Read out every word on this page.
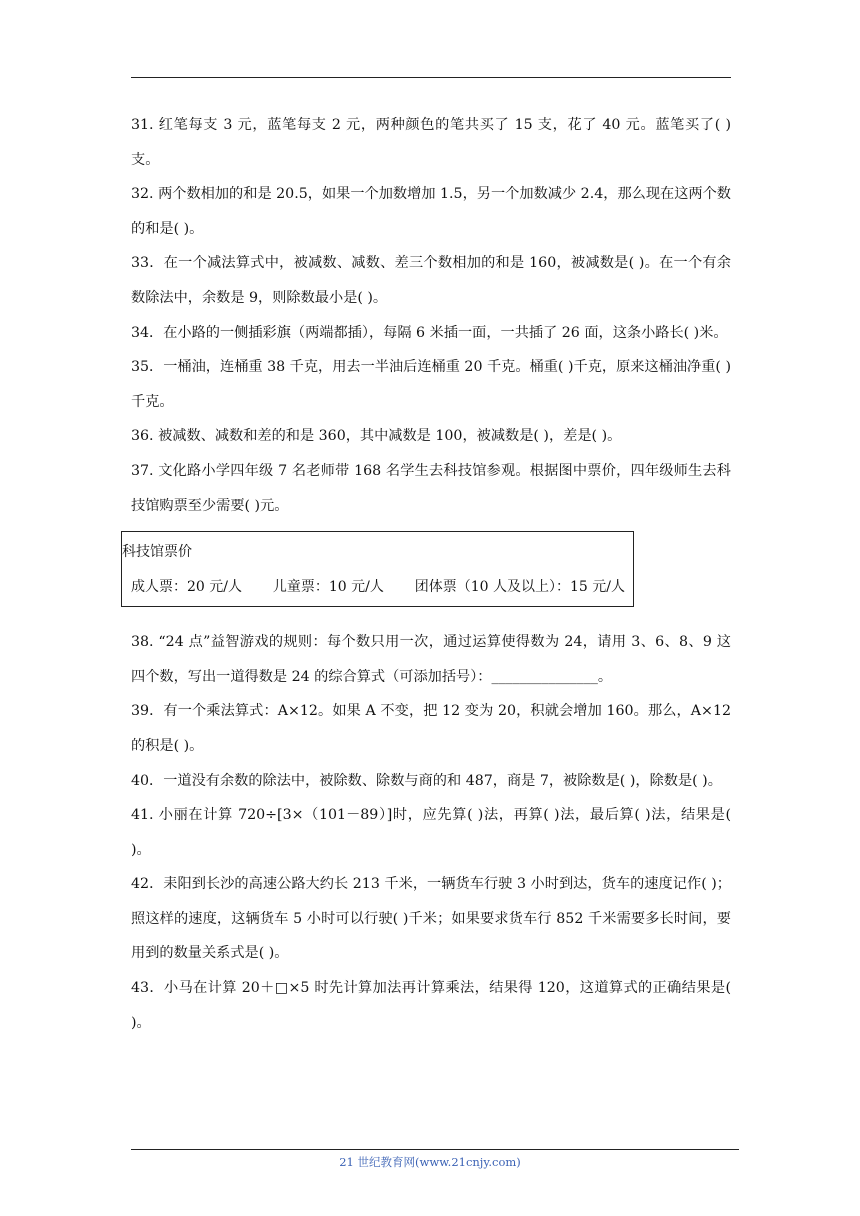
31. 红笔每支 3 元，蓝笔每支 2 元，两种颜色的笔共买了 15 支，花了 40 元。蓝笔买了( )支。

32. 两个数相加的和是 20.5，如果一个加数增加 1.5，另一个加数减少 2.4，那么现在这两个数的和是( )。

33．在一个减法算式中，被减数、减数、差三个数相加的和是 160，被减数是( )。在一个有余数除法中，余数是 9，则除数最小是( )。

34．在小路的一侧插彩旗（两端都插），每隔 6 米插一面，一共插了 26 面，这条小路长( )米。

35．一桶油，连桶重 38 千克，用去一半油后连桶重 20 千克。桶重( )千克，原来这桶油净重( )千克。

36. 被减数、减数和差的和是 360，其中减数是 100，被减数是( )，差是( )。

37. 文化路小学四年级 7 名老师带 168 名学生去科技馆参观。根据图中票价，四年级师生去科技馆购票至少需要( )元。

科技馆票价
成人票：20 元/人 儿童票：10 元/人 团体票（10 人及以上）：15 元/人

38. “24 点”益智游戏的规则：每个数只用一次，通过运算使得数为 24，请用 3、6、8、9 这四个数，写出一道得数是 24 的综合算式（可添加括号）：_______________。

39．有一个乘法算式：A×12。如果 A 不变，把 12 变为 20，积就会增加 160。那么，A×12 的积是( )。

40．一道没有余数的除法中，被除数、除数与商的和 487，商是 7，被除数是( )，除数是( )。

41. 小丽在计算 720÷[3×（101－89）]时，应先算( )法，再算( )法，最后算( )法，结果是( )。

42．耒阳到长沙的高速公路大约长 213 千米，一辆货车行驶 3 小时到达，货车的速度记作( )；照这样的速度，这辆货车 5 小时可以行驶( )千米；如果要求货车行 852 千米需要多长时间，要用到的数量关系式是( )。

43．小马在计算 20＋□×5 时先计算加法再计算乘法，结果得 120，这道算式的正确结果是( )。

21 世纪教育网(www.21cnjy.com)
